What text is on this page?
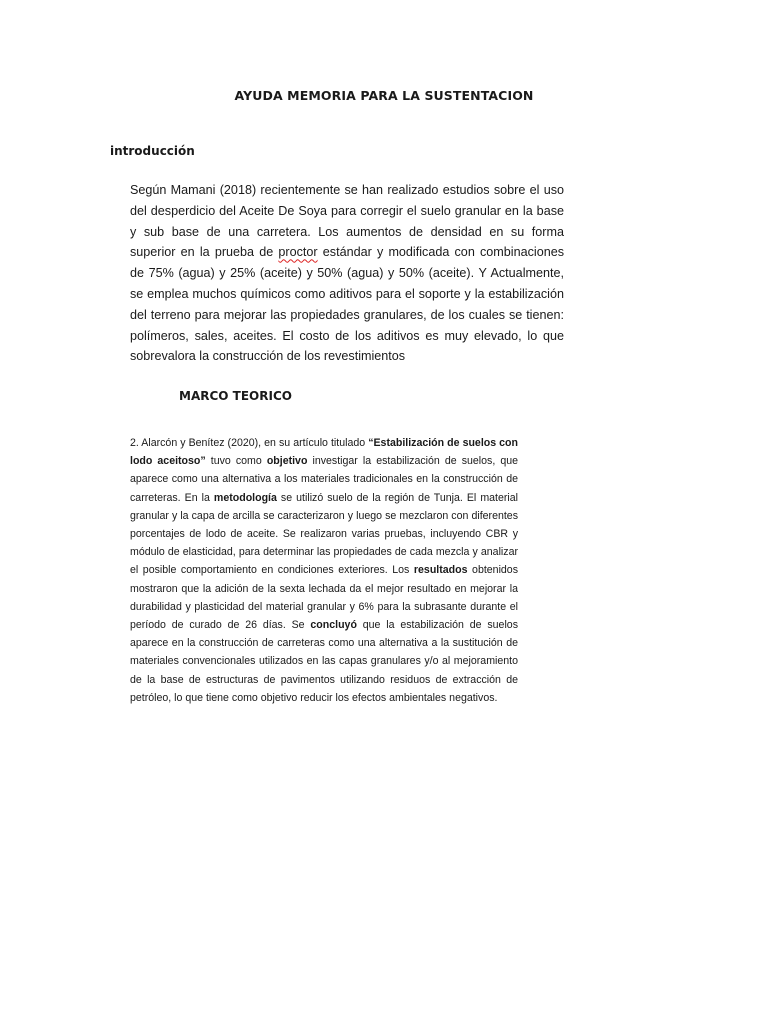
AYUDA MEMORIA PARA LA SUSTENTACION
introducción
Según Mamani (2018) recientemente se han realizado estudios sobre el uso del desperdicio del Aceite De Soya para corregir el suelo granular en la base y sub base de una carretera. Los aumentos de densidad en su forma superior en la prueba de proctor estándar y modificada con combinaciones de 75% (agua) y 25% (aceite) y 50% (agua) y 50% (aceite). Y Actualmente, se emplea muchos químicos como aditivos para el soporte y la estabilización del terreno para mejorar las propiedades granulares, de los cuales se tienen: polímeros, sales, aceites. El costo de los aditivos es muy elevado, lo que sobrevalora la construcción de los revestimientos
MARCO TEORICO
2. Alarcón y Benítez (2020), en su artículo titulado “Estabilización de suelos con lodo aceitoso” tuvo como objetivo investigar la estabilización de suelos, que aparece como una alternativa a los materiales tradicionales en la construcción de carreteras. En la metodología se utilizó suelo de la región de Tunja. El material granular y la capa de arcilla se caracterizaron y luego se mezclaron con diferentes porcentajes de lodo de aceite. Se realizaron varias pruebas, incluyendo CBR y módulo de elasticidad, para determinar las propiedades de cada mezcla y analizar el posible comportamiento en condiciones exteriores. Los resultados obtenidos mostraron que la adición de la sexta lechada da el mejor resultado en mejorar la durabilidad y plasticidad del material granular y 6% para la subrasante durante el período de curado de 26 días. Se concluyó que la estabilización de suelos aparece en la construcción de carreteras como una alternativa a la sustitución de materiales convencionales utilizados en las capas granulares y/o al mejoramiento de la base de estructuras de pavimentos utilizando residuos de extracción de petróleo, lo que tiene como objetivo reducir los efectos ambientales negativos.
